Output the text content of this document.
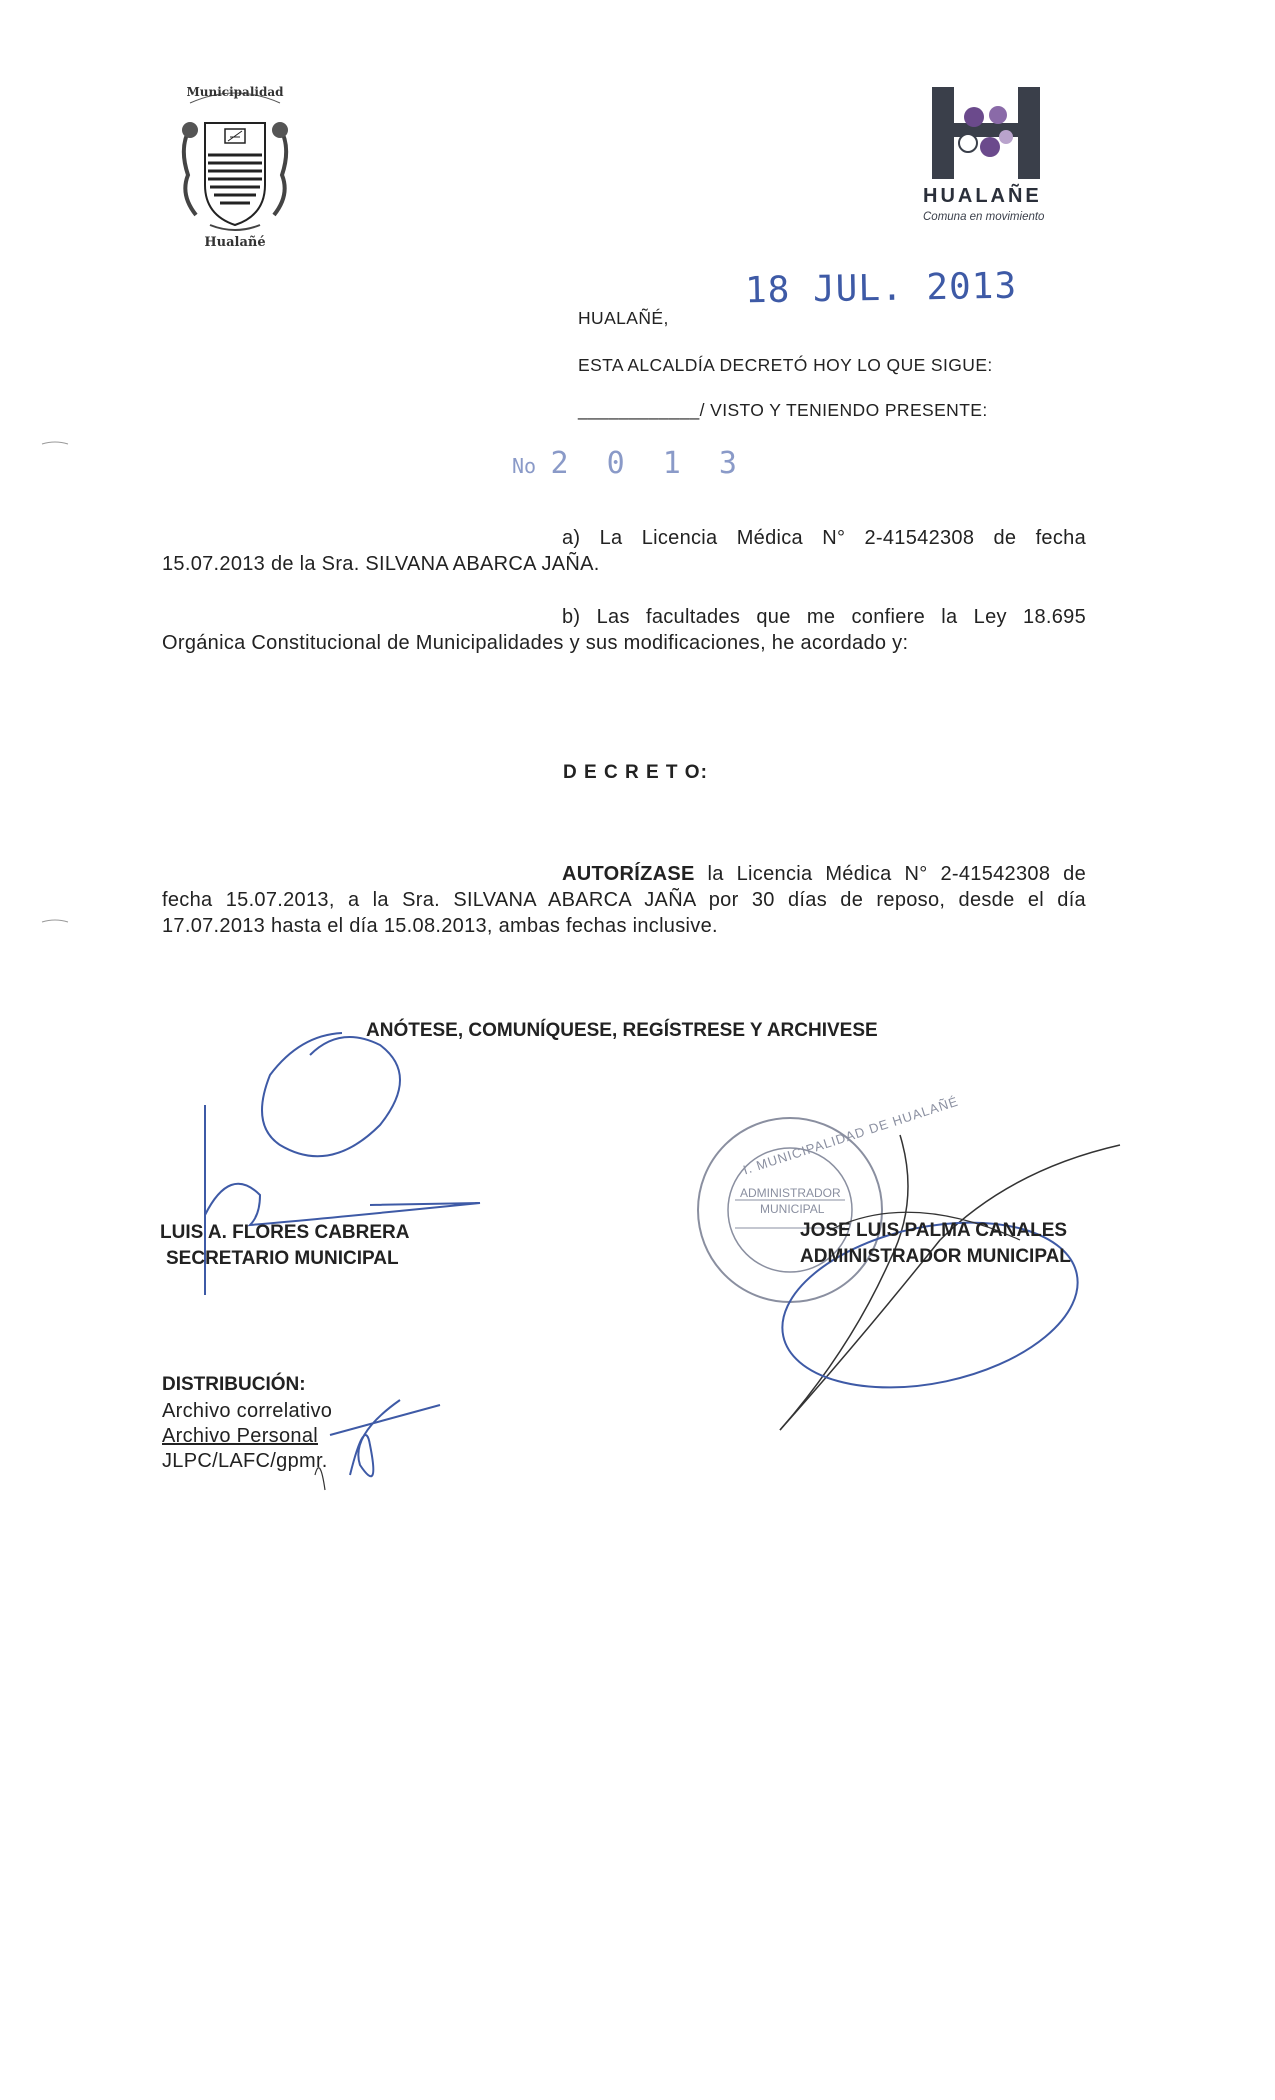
Municipalidad
Hualañé
HUALAÑE
Comuna en movimiento
18 JUL. 2013
HUALAÑÉ,
ESTA ALCALDÍA DECRETÓ HOY LO QUE SIGUE:
____________/ VISTO Y TENIENDO PRESENTE:
No 2 0 1 3
a) La Licencia Médica N° 2-41542308 de fecha
15.07.2013 de la Sra. SILVANA ABARCA JAÑA.
b) Las facultades que me confiere la Ley 18.695
Orgánica Constitucional de Municipalidades y sus modificaciones, he acordado y:
D E C R E T O:
AUTORÍZASE la Licencia Médica N° 2-41542308 de
fecha 15.07.2013, a la Sra. SILVANA ABARCA JAÑA por 30 días de reposo, desde el día
17.07.2013 hasta el día 15.08.2013, ambas fechas inclusive.
ANÓTESE, COMUNÍQUESE, REGÍSTRESE Y ARCHIVESE
LUIS A. FLORES CABRERA
SECRETARIO MUNICIPAL
I. MUNICIPALIDAD DE HUALAÑÉ
ADMINISTRADOR
MUNICIPAL
JOSE LUIS PALMA CANALES
ADMINISTRADOR MUNICIPAL
DISTRIBUCIÓN:
Archivo correlativo
Archivo Personal
JLPC/LAFC/gpmr.
